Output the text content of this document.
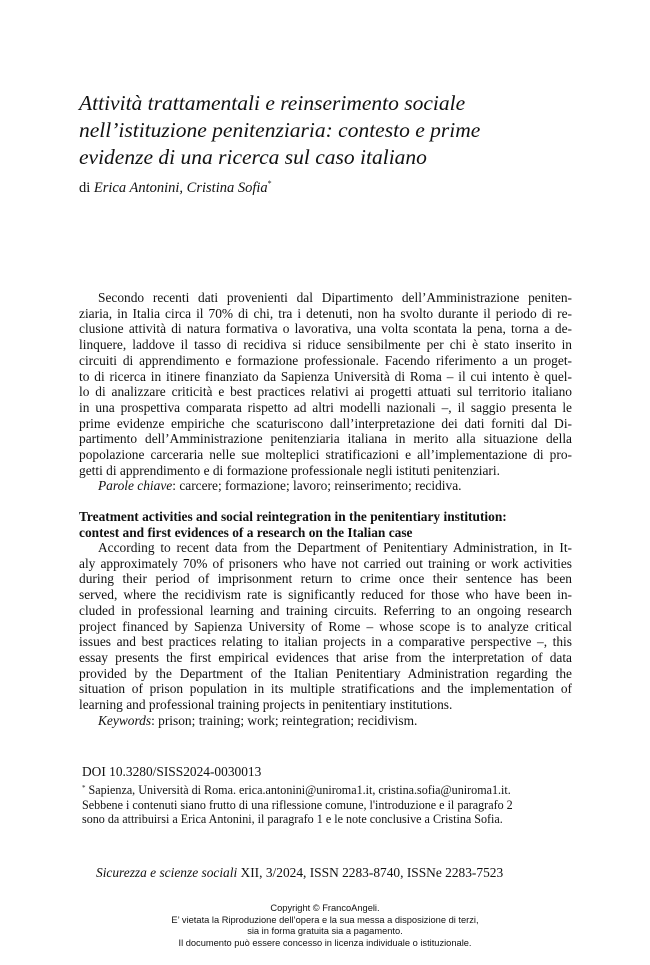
Attività trattamentali e reinserimento sociale
nell’istituzione penitenziaria: contesto e prime
evidenze di una ricerca sul caso italiano
di Erica Antonini, Cristina Sofia*

Secondo recenti dati provenienti dal Dipartimento dell’Amministrazione peniten-

ziaria, in Italia circa il 70% di chi, tra i detenuti, non ha svolto durante il periodo di re-
clusione attività di natura formativa o lavorativa, una volta scontata la pena, torna a de-
linquere, laddove il tasso di recidiva si riduce sensibilmente per chi è stato inserito in
circuiti di apprendimento e formazione professionale. Facendo riferimento a un proget-
to di ricerca in itinere finanziato da Sapienza Università di Roma – il cui intento è quel-
lo di analizzare criticità e best practices relativi ai progetti attuati sul territorio italiano
in una prospettiva comparata rispetto ad altri modelli nazionali –, il saggio presenta le
prime evidenze empiriche che scaturiscono dall’interpretazione dei dati forniti dal Di-
partimento dell’Amministrazione penitenziaria italiana in merito alla situazione della
popolazione carceraria nelle sue molteplici stratificazioni e all’implementazione di pro-
getti di apprendimento e di formazione professionale negli istituti penitenziari.
Parole chiave: carcere; formazione; lavoro; reinserimento; recidiva.
Treatment activities and social reintegration in the penitentiary institution:
contest and first evidences of a research on the Italian case

According to recent data from the Department of Penitentiary Administration, in It-

aly approximately 70% of prisoners who have not carried out training or work activities
during their period of imprisonment return to crime once their sentence has been
served, where the recidivism rate is significantly reduced for those who have been in-
cluded in professional learning and training circuits. Referring to an ongoing research
project financed by Sapienza University of Rome – whose scope is to analyze critical
issues and best practices relating to italian projects in a comparative perspective –, this
essay presents the first empirical evidences that arise from the interpretation of data
provided by the Department of the Italian Penitentiary Administration regarding the
situation of prison population in its multiple stratifications and the implementation of
learning and professional training projects in penitentiary institutions.
Keywords: prison; training; work; reintegration; recidivism.
DOI 10.3280/SISS2024-0030013
* Sapienza, Università di Roma. erica.antonini@uniroma1.it, cristina.sofia@uniroma1.it.
Sebbene i contenuti siano frutto di una riflessione comune, l'introduzione e il paragrafo 2
sono da attribuirsi a Erica Antonini, il paragrafo 1 e le note conclusive a Cristina Sofia.
Sicurezza e scienze sociali XII, 3/2024, ISSN 2283-8740, ISSNe 2283-7523
Copyright © FrancoAngeli.
E’ vietata la Riproduzione dell’opera e la sua messa a disposizione di terzi,
sia in forma gratuita sia a pagamento.
Il documento può essere concesso in licenza individuale o istituzionale.
